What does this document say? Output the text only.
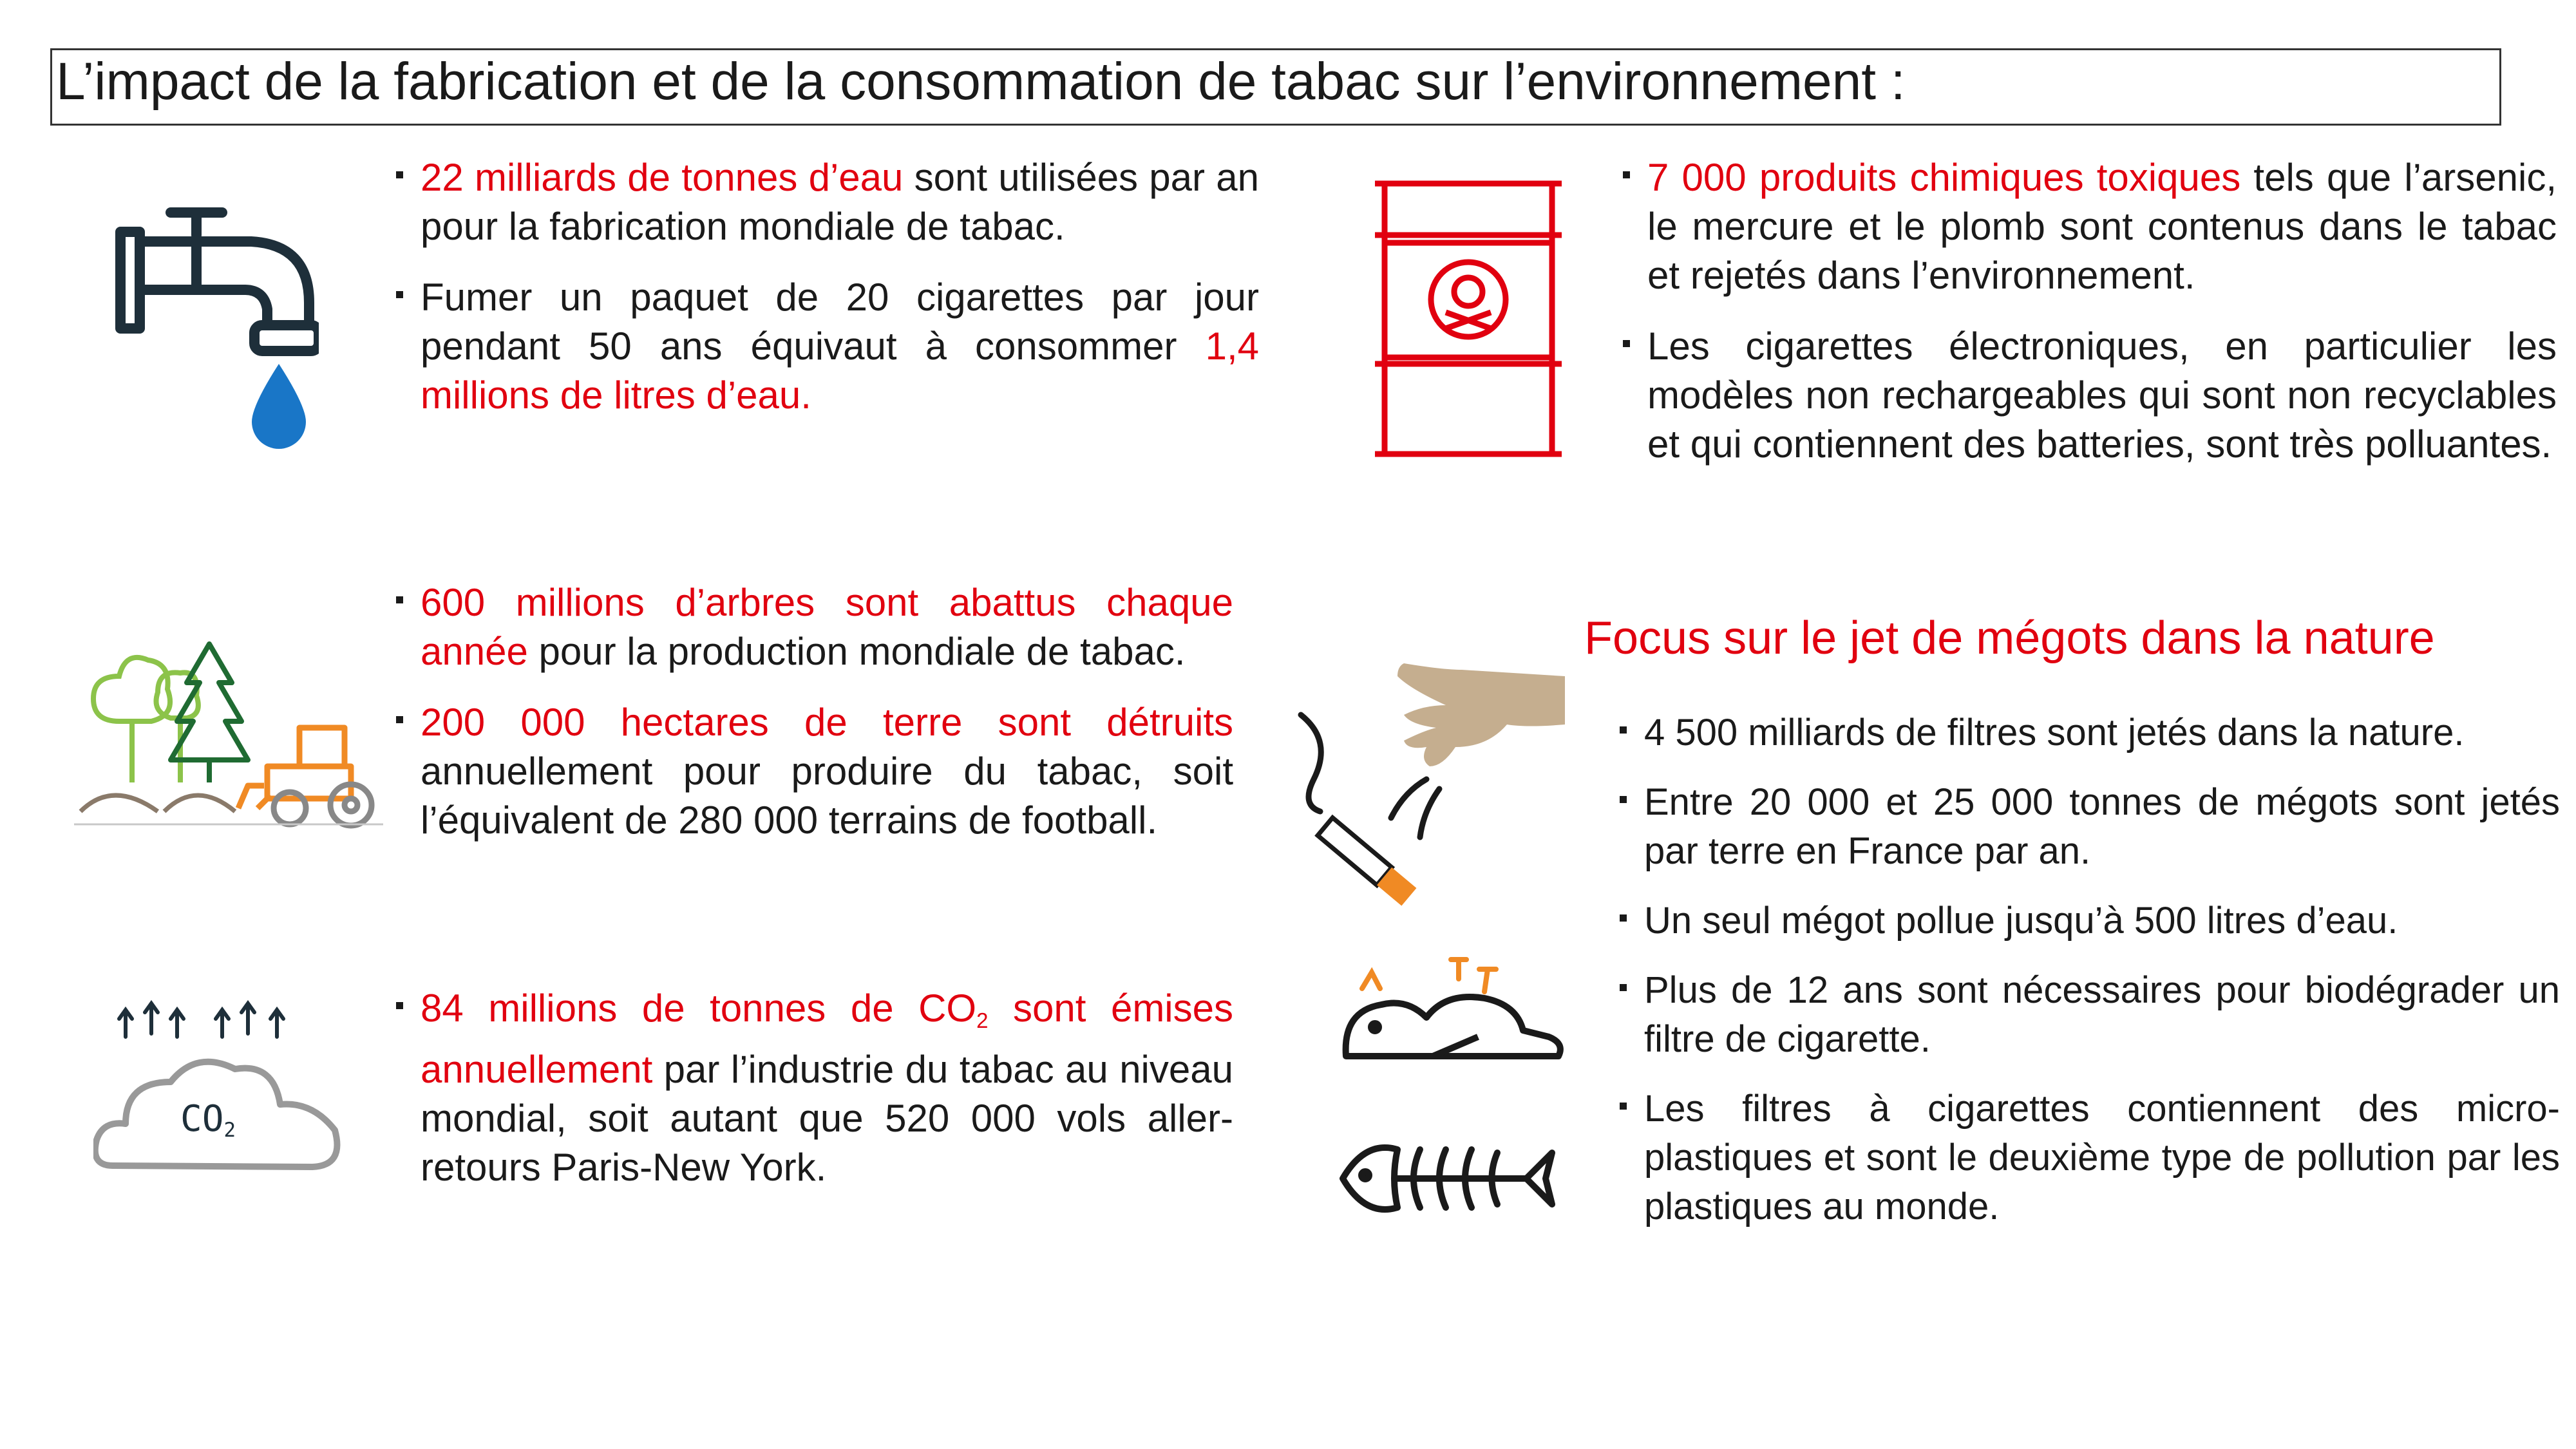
L’impact de la fabrication et de la consommation de tabac sur l’environnement :
22 milliards de tonnes d’eau sont utilisées par an pour la fabrication mondiale de tabac.
Fumer un paquet de 20 cigarettes par jour pendant 50 ans équivaut à consommer 1,4 millions de litres d’eau.
600 millions d’arbres sont abattus chaque année pour la production mondiale de tabac.
200 000 hectares de terre sont détruits annuellement pour produire du tabac, soit l’équivalent de 280 000 terrains de football.
$CO_2$
84 millions de tonnes de $CO_2$ sont émises annuellement par l’industrie du tabac au niveau mondial, soit autant que 520 000 vols aller-retours Paris-New York.
7 000 produits chimiques toxiques tels que l’arsenic, le mercure et le plomb sont contenus dans le tabac et rejetés dans l’environnement.
Les cigarettes électroniques, en particulier les modèles non rechargeables qui sont non recyclables et qui contiennent des batteries, sont très polluantes.
Focus sur le jet de mégots dans la nature
4 500 milliards de filtres sont jetés dans la nature.
Entre 20 000 et 25 000 tonnes de mégots sont jetés par terre en France par an.
Un seul mégot pollue jusqu’à 500 litres d’eau.
Plus de 12 ans sont nécessaires pour biodégrader un filtre de cigarette.
Les filtres à cigarettes contiennent des micro-plastiques et sont le deuxième type de pollution par les plastiques au monde.
